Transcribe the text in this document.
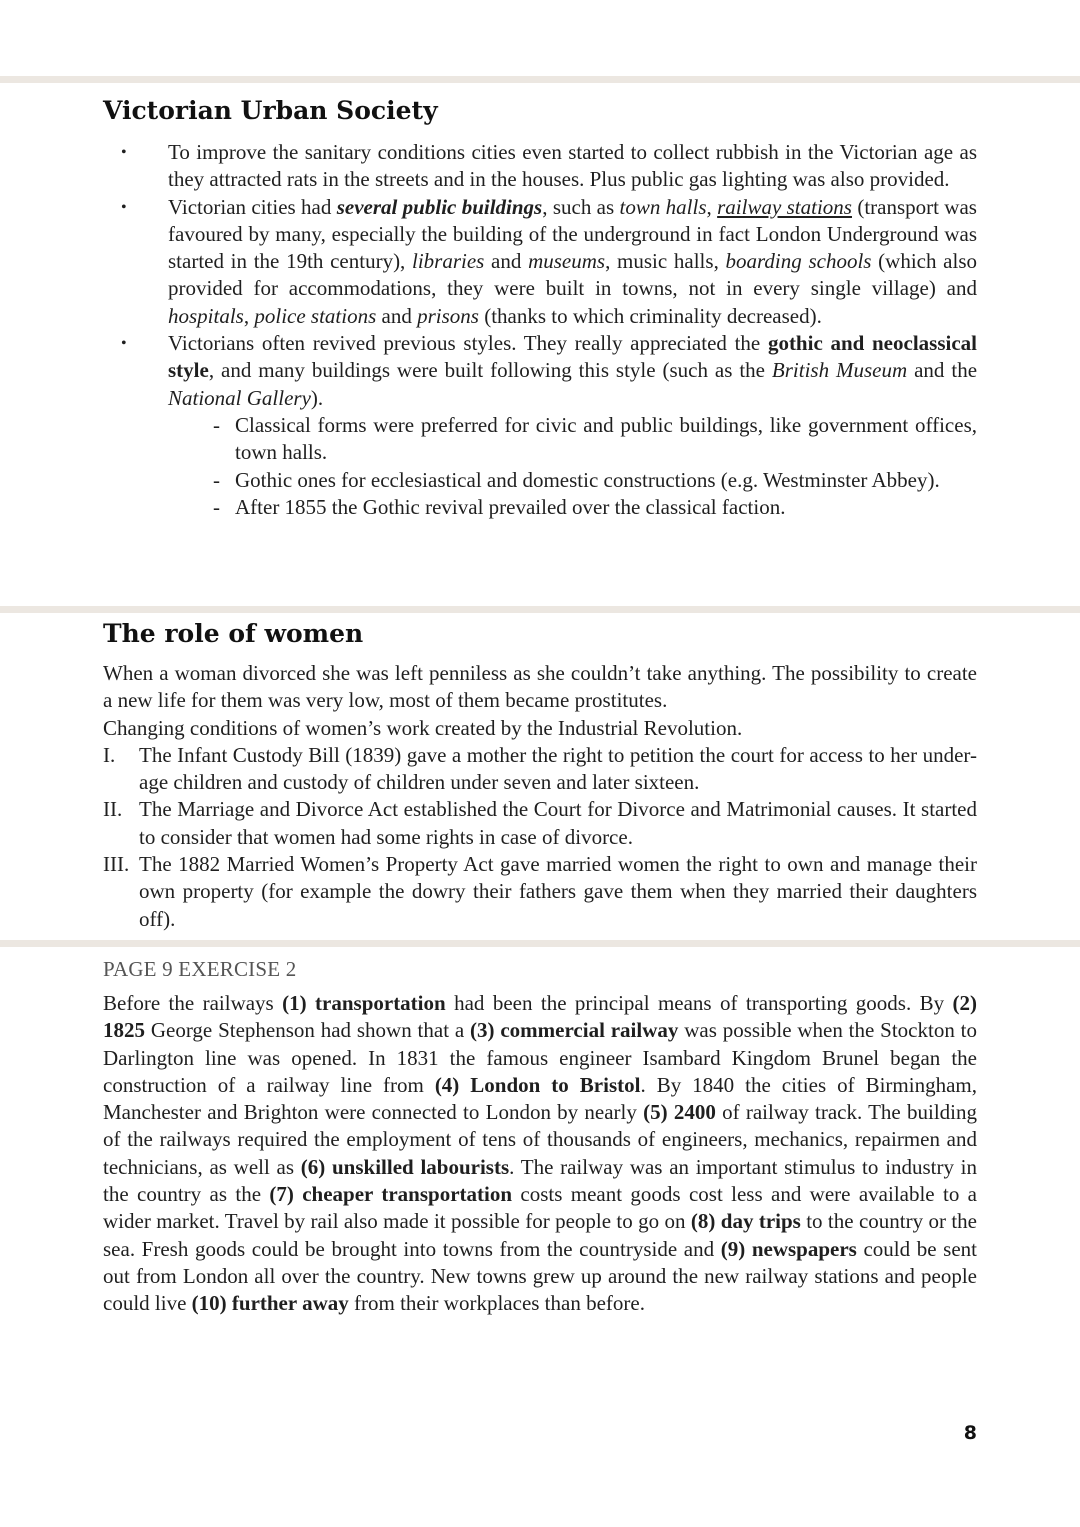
Victorian Urban Society
• To improve the sanitary conditions cities even started to collect rubbish in the Victorian age as they attracted rats in the streets and in the houses. Plus public gas lighting was also provided.
• Victorian cities had several public buildings, such as town halls, railway stations (transport was favoured by many, especially the building of the underground in fact London Underground was started in the 19th century), libraries and museums, music halls, boarding schools (which also provided for accommodations, they were built in towns, not in every single village) and hospitals, police stations and prisons (thanks to which criminality decreased).
• Victorians often revived previous styles. They really appreciated the gothic and neoclassical style, and many buildings were built following this style (such as the British Museum and the National Gallery).
- Classical forms were preferred for civic and public buildings, like government offices, town halls.
- Gothic ones for ecclesiastical and domestic constructions (e.g. Westminster Abbey).
- After 1855 the Gothic revival prevailed over the classical faction.
The role of women
When a woman divorced she was left penniless as she couldn’t take anything. The possibility to create a new life for them was very low, most of them became prostitutes.
Changing conditions of women’s work created by the Industrial Revolution.
I. The Infant Custody Bill (1839) gave a mother the right to petition the court for access to her under-age children and custody of children under seven and later sixteen.
II. The Marriage and Divorce Act established the Court for Divorce and Matrimonial causes. It started to consider that women had some rights in case of divorce.
III. The 1882 Married Women’s Property Act gave married women the right to own and manage their own property (for example the dowry their fathers gave them when they married their daughters off).
PAGE 9 EXERCISE 2
Before the railways (1) transportation had been the principal means of transporting goods. By (2) 1825 George Stephenson had shown that a (3) commercial railway was possible when the Stockton to Darlington line was opened. In 1831 the famous engineer Isambard Kingdom Brunel began the construction of a railway line from (4) London to Bristol. By 1840 the cities of Birmingham, Manchester and Brighton were connected to London by nearly (5) 2400 of railway track. The building of the railways required the employment of tens of thousands of engineers, mechanics, repairmen and technicians, as well as (6) unskilled labourists. The railway was an important stimulus to industry in the country as the (7) cheaper transportation costs meant goods cost less and were available to a wider market. Travel by rail also made it possible for people to go on (8) day trips to the country or the sea. Fresh goods could be brought into towns from the countryside and (9) newspapers could be sent out from London all over the country. New towns grew up around the new railway stations and people could live (10) further away from their workplaces than before.
8
